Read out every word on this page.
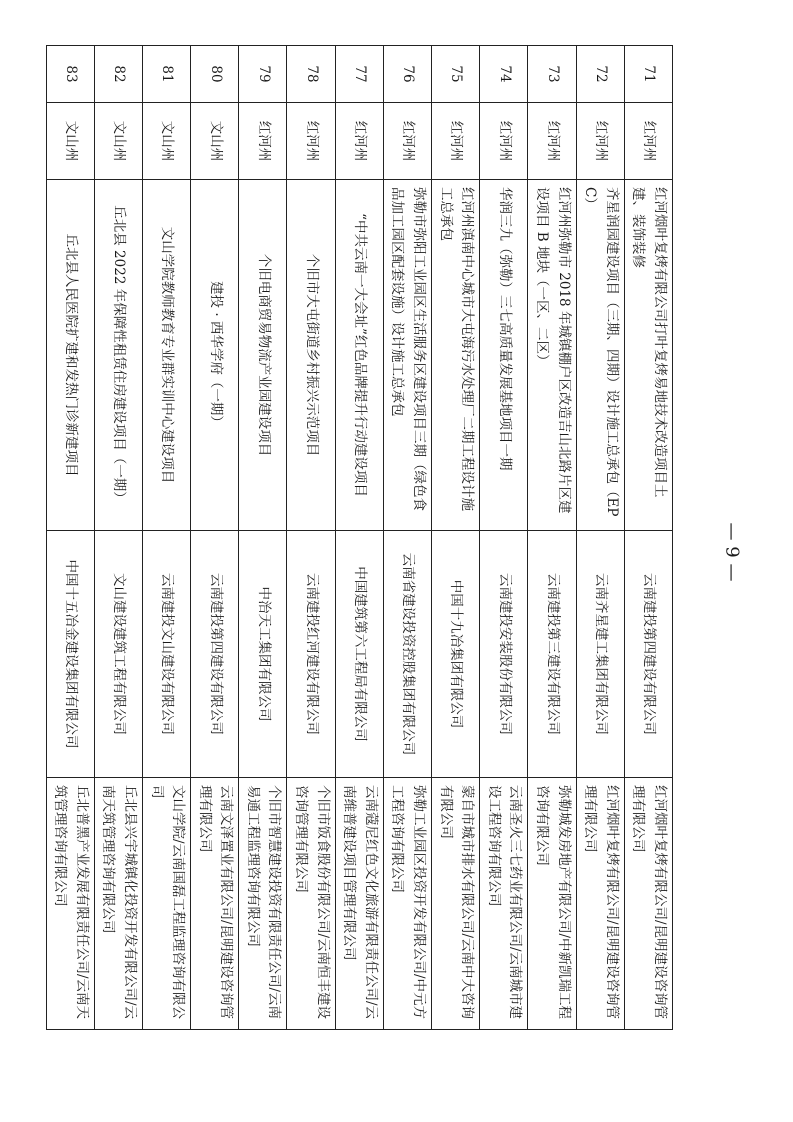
71	红河州	红河烟叶复烤有限公司打叶复烤易地技术改造项目土建、装饰装修	云南建投第四建设有限公司	红河烟叶复烤有限公司/昆明建设咨询管理有限公司
72	红河州	齐星润园建设项目（三期、四期）设计施工总承包（EPC）	云南齐星建工集团有限公司	红河烟叶复烤有限公司/昆明建设咨询管理有限公司
73	红河州	红河州弥勒市 2018 年城镇棚户区改造吉山北路片区建设项目 B 地块（一区、二区）	云南建投第三建设有限公司	弥勒城发房地产有限公司/中新凯瑞工程咨询有限公司
74	红河州	华润三九（弥勒）三七高质量发展基地项目一期	云南建投安装股份有限公司	云南圣火三七药业有限公司/云南城市建设工程咨询有限公司
75	红河州	红河州滇南中心城市大屯海污水处理厂二期工程设计施工总承包	中国十九冶集团有限公司	蒙自市城市排水有限公司/云南中大咨询有限公司
76	红河州	弥勒市弥阳工业园区生活服务区建设项目三期（绿色食品加工园区配套设施）设计施工总承包	云南省建设投资控股集团有限公司	弥勒工业园区投资开发有限公司/中元方工程咨询有限公司
77	红河州	“中共云南一大会址”红色品牌提升行动建设项目	中国建筑第六工程局有限公司	云南蔻尼红色文化旅游有限责任公司/云南维普建设项目管理有限公司
78	红河州	个旧市大屯街道乡村振兴示范项目	云南建投红河建设有限公司	个旧市饭食股份有限公司/云南恒丰建设咨询管理有限公司
79	红河州	个旧电商贸易物流产业园建设项目	中治天工集团有限公司	个旧市智慧建设投资有限责任公司/云南易通工程监理咨询有限公司
80	文山州	建投 · 西华学府（一期）	云南建投第四建设有限公司	云南文泽置业有限公司/昆明建设咨询管理有限公司
81	文山州	文山学院教师教育专业群实训中心建设项目	云南建投文山建设有限公司	文山学院/云南国磊工程监理咨询有限公司
82	文山州	丘北县 2022 年保障性租赁住房建设项目（一期）	文山建设建筑工程有限公司	丘北县兴宇城镇化投资开发有限公司/云南天筑管理咨询有限公司
83	文山州	丘北县人民医院扩建和发热门诊新建项目	中国十五冶金建设集团有限公司	丘北普黑产业发展有限责任公司/云南天筑管理咨询有限公司
— 9 —
